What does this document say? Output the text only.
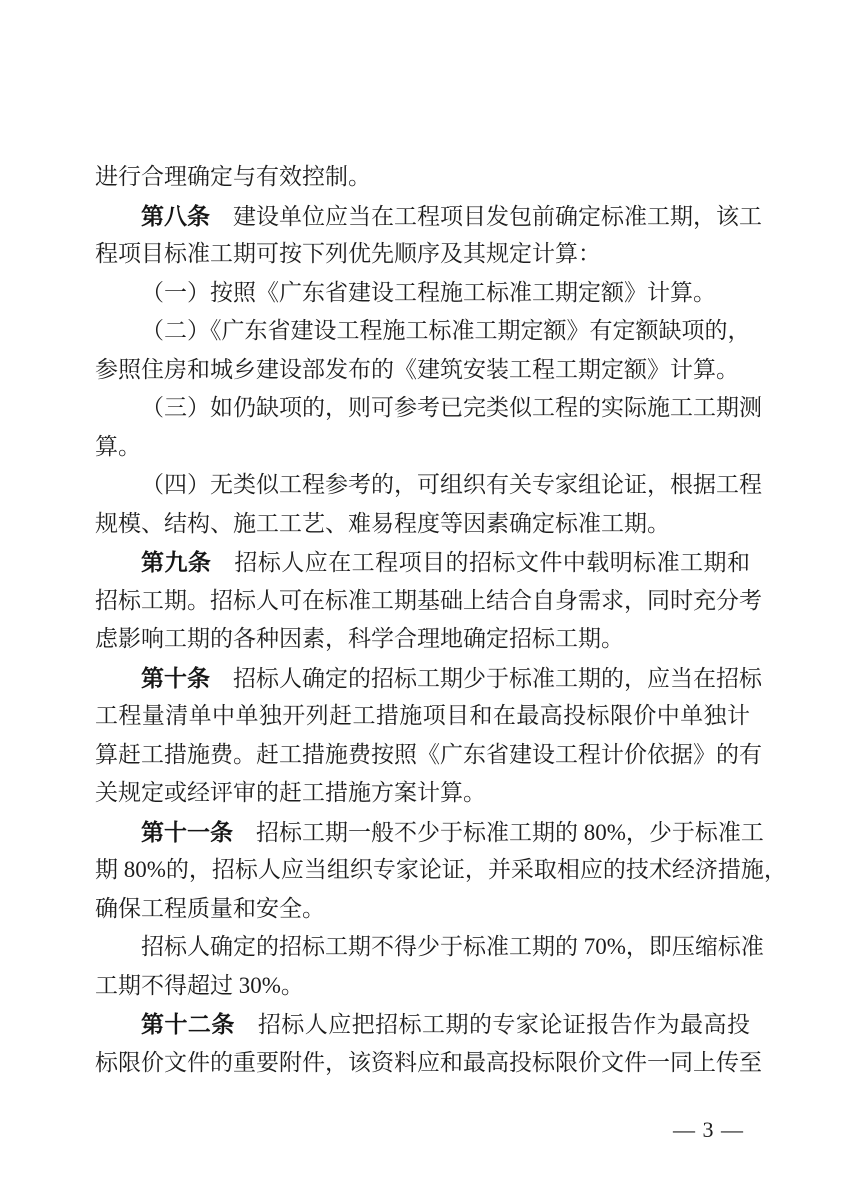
进行合理确定与有效控制。

第八条 建设单位应当在工程项目发包前确定标准工期，该工

程项目标准工期可按下列优先顺序及其规定计算：

（一）按照《广东省建设工程施工标准工期定额》计算。

（二）《广东省建设工程施工标准工期定额》有定额缺项的，

参照住房和城乡建设部发布的《建筑安装工程工期定额》计算。

（三）如仍缺项的，则可参考已完类似工程的实际施工工期测

算。

（四）无类似工程参考的，可组织有关专家组论证，根据工程

规模、结构、施工工艺、难易程度等因素确定标准工期。

第九条 招标人应在工程项目的招标文件中载明标准工期和

招标工期。招标人可在标准工期基础上结合自身需求，同时充分考

虑影响工期的各种因素，科学合理地确定招标工期。

第十条 招标人确定的招标工期少于标准工期的，应当在招标

工程量清单中单独开列赶工措施项目和在最高投标限价中单独计

算赶工措施费。赶工措施费按照《广东省建设工程计价依据》的有

关规定或经评审的赶工措施方案计算。

第十一条 招标工期一般不少于标准工期的 80%，少于标准工

期 80%的，招标人应当组织专家论证，并采取相应的技术经济措施，

确保工程质量和安全。

招标人确定的招标工期不得少于标准工期的 70%，即压缩标准

工期不得超过 30%。

第十二条 招标人应把招标工期的专家论证报告作为最高投

标限价文件的重要附件，该资料应和最高投标限价文件一同上传至

— 3 —
